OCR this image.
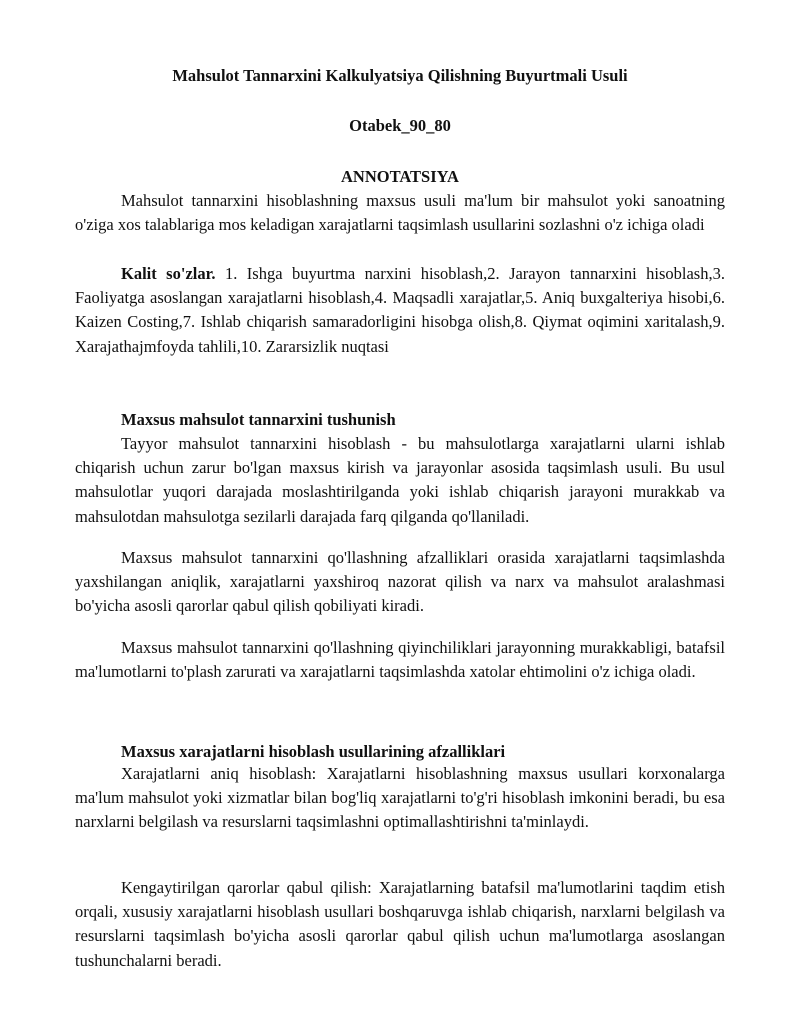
Mahsulot Tannarxini Kalkulyatsiya Qilishning Buyurtmali Usuli

Otabek_90_80

ANNOTATSIYA

Mahsulot tannarxini hisoblashning maxsus usuli ma'lum bir mahsulot yoki sanoatning o'ziga xos talablariga mos keladigan xarajatlarni taqsimlash usullarini sozlashni o'z ichiga oladi

Kalit so'zlar. 1. Ishga buyurtma narxini hisoblash,2. Jarayon tannarxini hisoblash,3. Faoliyatga asoslangan xarajatlarni hisoblash,4. Maqsadli xarajatlar,5. Aniq buxgalteriya hisobi,6. Kaizen Costing,7. Ishlab chiqarish samaradorligini hisobga olish,8. Qiymat oqimini xaritalash,9. Xarajathajmfoyda tahlili,10. Zararsizlik nuqtasi

Maxsus mahsulot tannarxini tushunish

Tayyor mahsulot tannarxini hisoblash - bu mahsulotlarga xarajatlarni ularni ishlab chiqarish uchun zarur bo'lgan maxsus kirish va jarayonlar asosida taqsimlash usuli. Bu usul mahsulotlar yuqori darajada moslashtirilganda yoki ishlab chiqarish jarayoni murakkab va mahsulotdan mahsulotga sezilarli darajada farq qilganda qo'llaniladi.

Maxsus mahsulot tannarxini qo'llashning afzalliklari orasida xarajatlarni taqsimlashda yaxshilangan aniqlik, xarajatlarni yaxshiroq nazorat qilish va narx va mahsulot aralashmasi bo'yicha asosli qarorlar qabul qilish qobiliyati kiradi.

Maxsus mahsulot tannarxini qo'llashning qiyinchiliklari jarayonning murakkabligi, batafsil ma'lumotlarni to'plash zarurati va xarajatlarni taqsimlashda xatolar ehtimolini o'z ichiga oladi.

Maxsus xarajatlarni hisoblash usullarining afzalliklari

Xarajatlarni aniq hisoblash: Xarajatlarni hisoblashning maxsus usullari korxonalarga ma'lum mahsulot yoki xizmatlar bilan bog'liq xarajatlarni to'g'ri hisoblash imkonini beradi, bu esa narxlarni belgilash va resurslarni taqsimlashni optimallashtirishni ta'minlaydi.

Kengaytirilgan qarorlar qabul qilish: Xarajatlarning batafsil ma'lumotlarini taqdim etish orqali, xususiy xarajatlarni hisoblash usullari boshqaruvga ishlab chiqarish, narxlarni belgilash va resurslarni taqsimlash bo'yicha asosli qarorlar qabul qilish uchun ma'lumotlarga asoslangan tushunchalarni beradi.
